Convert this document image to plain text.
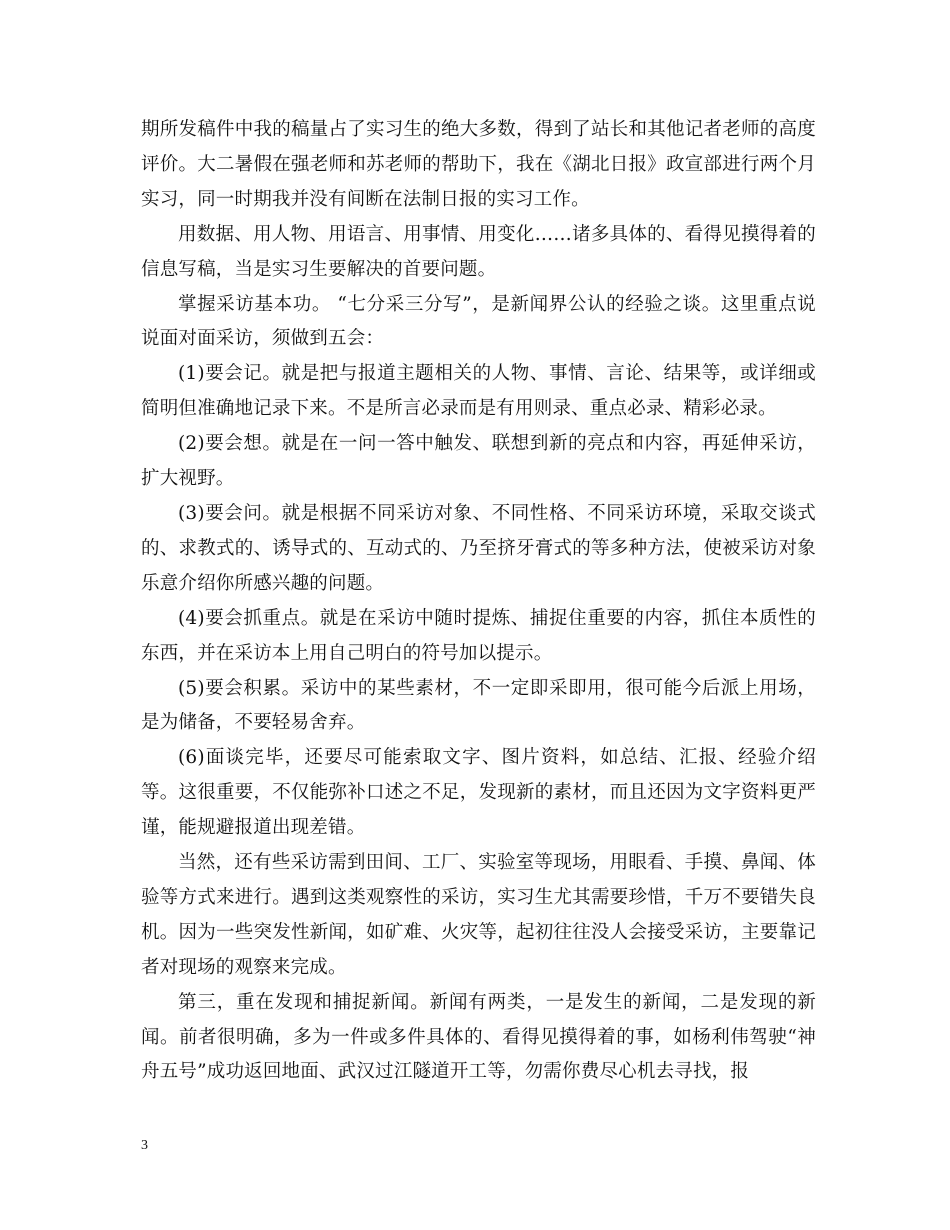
期所发稿件中我的稿量占了实习生的绝大多数，得到了站长和其他记者老师的高度评价。大二暑假在强老师和苏老师的帮助下，我在《湖北日报》政宣部进行两个月实习，同一时期我并没有间断在法制日报的实习工作。

用数据、用人物、用语言、用事情、用变化……诸多具体的、看得见摸得着的信息写稿，当是实习生要解决的首要问题。

掌握采访基本功。 “七分采三分写”，是新闻界公认的经验之谈。这里重点说说面对面采访，须做到五会：

(1)要会记。就是把与报道主题相关的人物、事情、言论、结果等，或详细或简明但准确地记录下来。不是所言必录而是有用则录、重点必录、精彩必录。

(2)要会想。就是在一问一答中触发、联想到新的亮点和内容，再延伸采访，扩大视野。

(3)要会问。就是根据不同采访对象、不同性格、不同采访环境，采取交谈式的、求教式的、诱导式的、互动式的、乃至挤牙膏式的等多种方法，使被采访对象乐意介绍你所感兴趣的问题。

(4)要会抓重点。就是在采访中随时提炼、捕捉住重要的内容，抓住本质性的东西，并在采访本上用自己明白的符号加以提示。

(5)要会积累。采访中的某些素材，不一定即采即用，很可能今后派上用场，是为储备，不要轻易舍弃。

(6)面谈完毕，还要尽可能索取文字、图片资料，如总结、汇报、经验介绍等。这很重要，不仅能弥补口述之不足，发现新的素材，而且还因为文字资料更严谨，能规避报道出现差错。

当然，还有些采访需到田间、工厂、实验室等现场，用眼看、手摸、鼻闻、体验等方式来进行。遇到这类观察性的采访，实习生尤其需要珍惜，千万不要错失良机。因为一些突发性新闻，如矿难、火灾等，起初往往没人会接受采访，主要靠记者对现场的观察来完成。

第三，重在发现和捕捉新闻。新闻有两类，一是发生的新闻，二是发现的新闻。前者很明确，多为一件或多件具体的、看得见摸得着的事，如杨利伟驾驶“神舟五号”成功返回地面、武汉过江隧道开工等，勿需你费尽心机去寻找，报

3
